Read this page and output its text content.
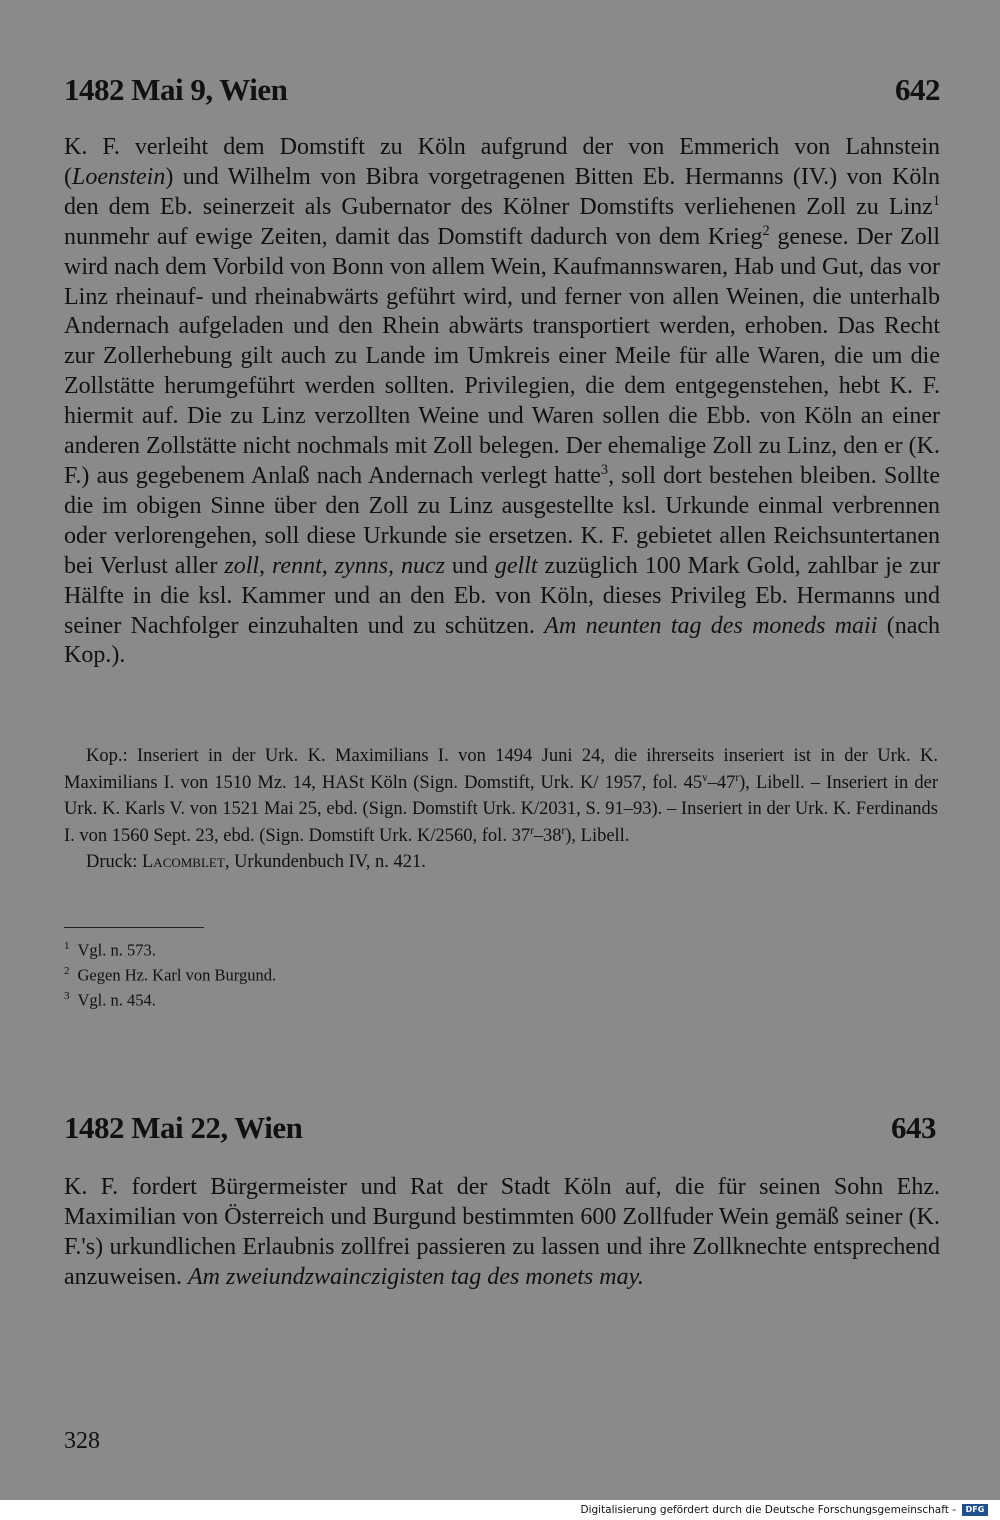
1482 Mai 9, Wien	642

K. F. verleiht dem Domstift zu Köln aufgrund der von Emmerich von Lahnstein (Loenstein) und Wilhelm von Bibra vorgetragenen Bitten Eb. Hermanns (IV.) von Köln den dem Eb. seinerzeit als Gubernator des Kölner Domstifts verliehenen Zoll zu Linz$^1$ nunmehr auf ewige Zeiten, damit das Domstift dadurch von dem Krieg$^2$ genese. Der Zoll wird nach dem Vorbild von Bonn von allem Wein, Kaufmannswaren, Hab und Gut, das vor Linz rheinauf- und rheinabwärts geführt wird, und ferner von allen Weinen, die unterhalb Andernach aufgeladen und den Rhein abwärts transportiert werden, erhoben. Das Recht zur Zollerhebung gilt auch zu Lande im Umkreis einer Meile für alle Waren, die um die Zollstätte herumgeführt werden sollten. Privilegien, die dem entgegenstehen, hebt K. F. hiermit auf. Die zu Linz verzollten Weine und Waren sollen die Ebb. von Köln an einer anderen Zollstätte nicht nochmals mit Zoll belegen. Der ehemalige Zoll zu Linz, den er (K. F.) aus gegebenem Anlaß nach Andernach verlegt hatte$^3$, soll dort bestehen bleiben. Sollte die im obigen Sinne über den Zoll zu Linz ausgestellte ksl. Urkunde einmal verbrennen oder verlorengehen, soll diese Urkunde sie ersetzen. K. F. gebietet allen Reichsuntertanen bei Verlust aller zoll, rennt, zynns, nucz und gellt zuzüglich 100 Mark Gold, zahlbar je zur Hälfte in die ksl. Kammer und an den Eb. von Köln, dieses Privileg Eb. Hermanns und seiner Nachfolger einzuhalten und zu schützen. Am neunten tag des moneds maii (nach Kop.).

Kop.: Inseriert in der Urk. K. Maximilians I. von 1494 Juni 24, die ihrerseits inseriert ist in der Urk. K. Maximilians I. von 1510 Mz. 14, HASt Köln (Sign. Domstift, Urk. K/ 1957, fol. 45$^v$–47$^r$), Libell. – Inseriert in der Urk. K. Karls V. von 1521 Mai 25, ebd. (Sign. Domstift Urk. K/2031, S. 91–93). – Inseriert in der Urk. K. Ferdinands I. von 1560 Sept. 23, ebd. (Sign. Domstift Urk. K/2560, fol. 37$^r$–38$^r$), Libell.

Druck: Lacomblet, Urkundenbuch IV, n. 421.

$^1$ Vgl. n. 573.
$^2$ Gegen Hz. Karl von Burgund.
$^3$ Vgl. n. 454.
1482 Mai 22, Wien	643

K. F. fordert Bürgermeister und Rat der Stadt Köln auf, die für seinen Sohn Ehz. Maximilian von Österreich und Burgund bestimmten 600 Zollfuder Wein gemäß seiner (K. F.'s) urkundlichen Erlaubnis zollfrei passieren zu lassen und ihre Zollknechte entsprechend anzuweisen. Am zweiundzwainczigisten tag des monets may.

328
Digitalisierung gefördert durch die Deutsche Forschungsgemeinschaft - DFG
